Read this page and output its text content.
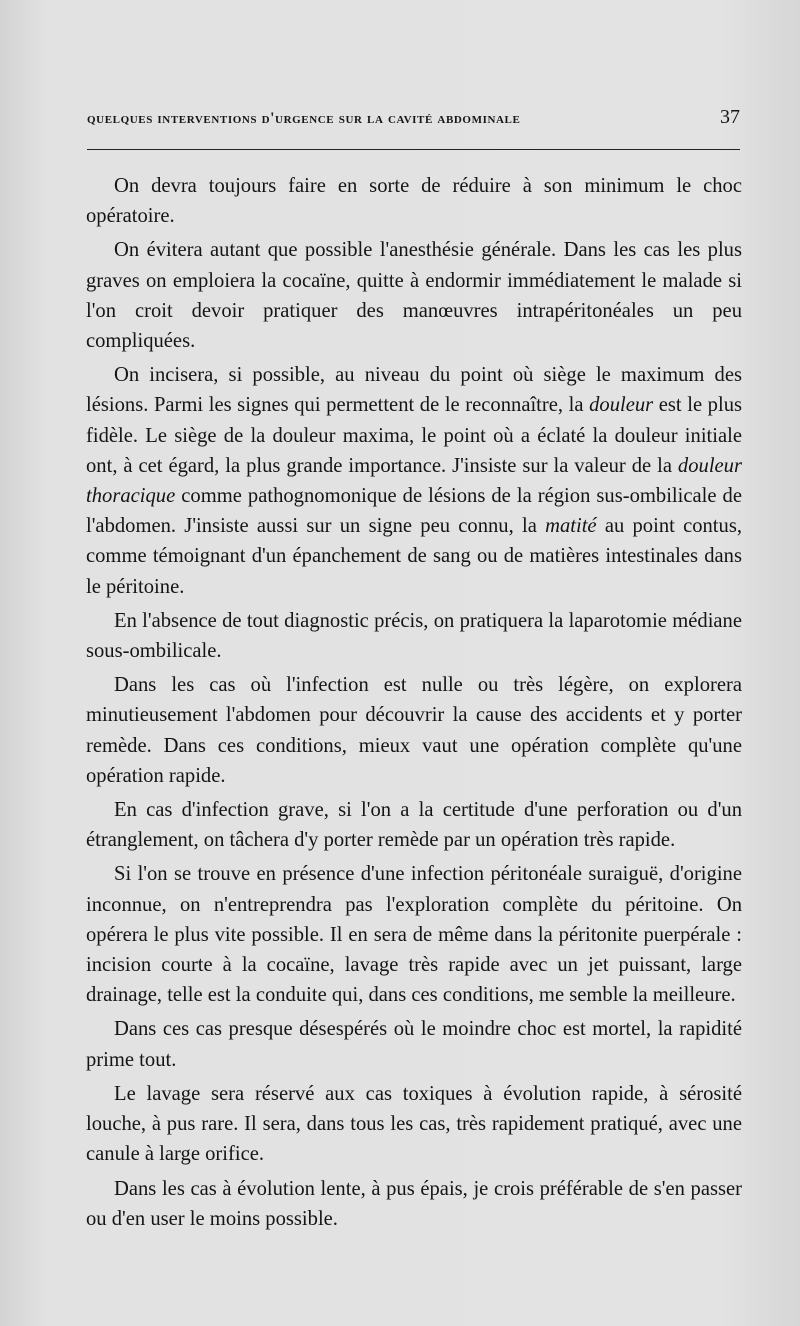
quelques interventions d'urgence sur la cavité abdominale	37

On devra toujours faire en sorte de réduire à son minimum le choc opératoire.

On évitera autant que possible l'anesthésie générale. Dans les cas les plus graves on emploiera la cocaïne, quitte à endormir immédiatement le malade si l'on croit devoir pratiquer des manœuvres intrapéritonéales un peu compliquées.

On incisera, si possible, au niveau du point où siège le maximum des lésions. Parmi les signes qui permettent de le reconnaître, la douleur est le plus fidèle. Le siège de la douleur maxima, le point où a éclaté la douleur initiale ont, à cet égard, la plus grande importance. J'insiste sur la valeur de la douleur thoracique comme pathognomonique de lésions de la région sus-ombilicale de l'abdomen. J'insiste aussi sur un signe peu connu, la matité au point contus, comme témoignant d'un épanchement de sang ou de matières intestinales dans le péritoine.

En l'absence de tout diagnostic précis, on pratiquera la laparotomie médiane sous-ombilicale.

Dans les cas où l'infection est nulle ou très légère, on explorera minutieusement l'abdomen pour découvrir la cause des accidents et y porter remède. Dans ces conditions, mieux vaut une opération complète qu'une opération rapide.

En cas d'infection grave, si l'on a la certitude d'une perforation ou d'un étranglement, on tâchera d'y porter remède par un opération très rapide.

Si l'on se trouve en présence d'une infection péritonéale suraiguë, d'origine inconnue, on n'entreprendra pas l'exploration complète du péritoine. On opérera le plus vite possible. Il en sera de même dans la péritonite puerpérale : incision courte à la cocaïne, lavage très rapide avec un jet puissant, large drainage, telle est la conduite qui, dans ces conditions, me semble la meilleure.

Dans ces cas presque désespérés où le moindre choc est mortel, la rapidité prime tout.

Le lavage sera réservé aux cas toxiques à évolution rapide, à sérosité louche, à pus rare. Il sera, dans tous les cas, très rapidement pratiqué, avec une canule à large orifice.

Dans les cas à évolution lente, à pus épais, je crois préférable de s'en passer ou d'en user le moins possible.
